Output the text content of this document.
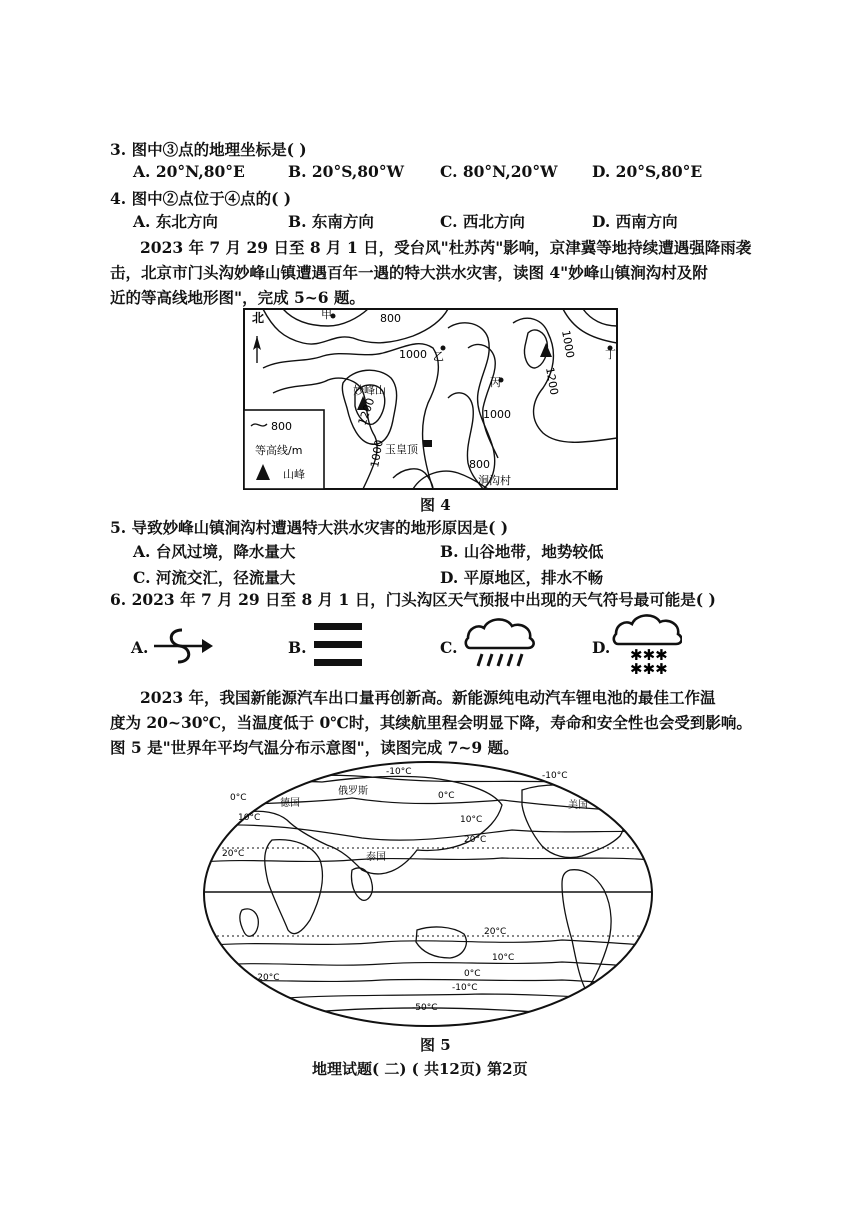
3. 图中③点的地理坐标是( )
A. 20°N,80°E	B. 20°S,80°W C. 80°N,20°W D. 20°S,80°E
4. 图中②点位于④点的( )
A. 东北方向	B. 东南方向	C. 西北方向	D. 西南方向
2023 年 7 月 29 日至 8 月 1 日，受台风"杜苏芮"影响，京津冀等地持续遭遇强降雨袭
击，北京市门头沟妙峰山镇遭遇百年一遇的特大洪水灾害，读图 4"妙峰山镇涧沟村及附
近的等高线地形图"，完成 5~6 题。
北	甲	800
1000 乙	1000
1200
丁
丙
妙峰山
1200	1000
玉皇顶
1000	800
涧沟村
800
等高线/m
山峰
图 4
5. 导致妙峰山镇涧沟村遭遇特大洪水灾害的地形原因是( )
A. 台风过境，降水量大	B. 山谷地带，地势较低
C. 河流交汇，径流量大	D. 平原地区，排水不畅
6. 2023 年 7 月 29 日至 8 月 1 日，门头沟区天气预报中出现的天气符号最可能是( )
A.	B.	C.	D. ✱✱✱
✱✱✱
2023 年，我国新能源汽车出口量再创新高。新能源纯电动汽车锂电池的最佳工作温
度为 20~30℃，当温度低于 0℃时，其续航里程会明显下降，寿命和安全性也会受到影响。
图 5 是"世界年平均气温分布示意图"，读图完成 7~9 题。
俄罗斯
德国	美国
泰国
-10°C	-10°C
0°C	0°C
10°C	10°C
20°C
20°C
20°C
10°C
0°C
-10°C
-20°C
-50°C
图 5
地理试题( 二) ( 共12页) 第2页
